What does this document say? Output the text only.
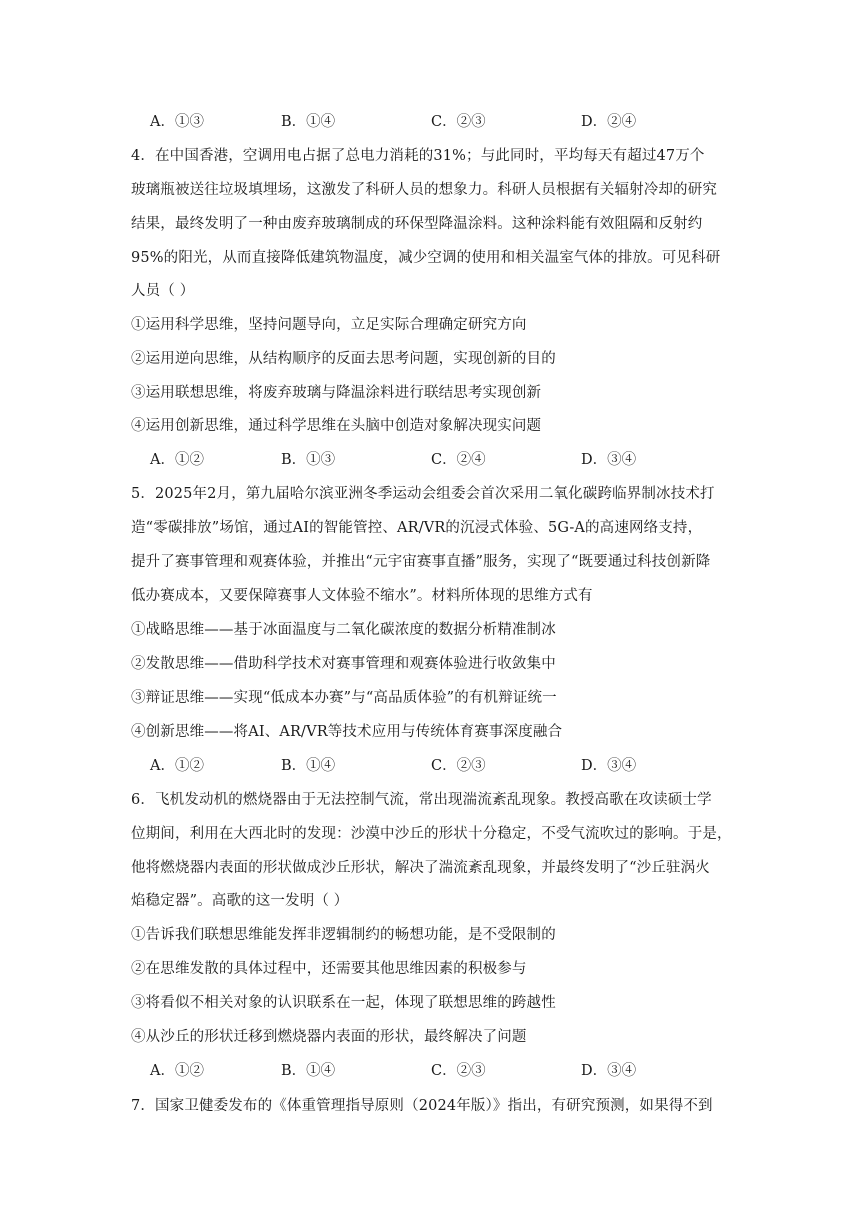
A．①③	B．①④	C．②③	D．②④
4．在中国香港，空调用电占据了总电力消耗的31%；与此同时，平均每天有超过47万个
玻璃瓶被送往垃圾填埋场，这激发了科研人员的想象力。科研人员根据有关辐射冷却的研究
结果，最终发明了一种由废弃玻璃制成的环保型降温涂料。这种涂料能有效阻隔和反射约
95%的阳光，从而直接降低建筑物温度，减少空调的使用和相关温室气体的排放。可见科研
人员（ ）
①运用科学思维，坚持问题导向，立足实际合理确定研究方向
②运用逆向思维，从结构顺序的反面去思考问题，实现创新的目的
③运用联想思维，将废弃玻璃与降温涂料进行联结思考实现创新
④运用创新思维，通过科学思维在头脑中创造对象解决现实问题
A．①②	B．①③	C．②④	D．③④
5．2025年2月，第九届哈尔滨亚洲冬季运动会组委会首次采用二氧化碳跨临界制冰技术打
造“零碳排放”场馆，通过AI的智能管控、AR/VR的沉浸式体验、5G-A的高速网络支持，
提升了赛事管理和观赛体验，并推出“元宇宙赛事直播”服务，实现了“既要通过科技创新降
低办赛成本，又要保障赛事人文体验不缩水”。材料所体现的思维方式有
①战略思维——基于冰面温度与二氧化碳浓度的数据分析精准制冰
②发散思维——借助科学技术对赛事管理和观赛体验进行收敛集中
③辩证思维——实现“低成本办赛”与“高品质体验”的有机辩证统一
④创新思维——将AI、AR/VR等技术应用与传统体育赛事深度融合
A．①②	B．①④	C．②③	D．③④
6．飞机发动机的燃烧器由于无法控制气流，常出现湍流紊乱现象。教授高歌在攻读硕士学
位期间，利用在大西北时的发现：沙漠中沙丘的形状十分稳定，不受气流吹过的影响。于是，
他将燃烧器内表面的形状做成沙丘形状，解决了湍流紊乱现象，并最终发明了“沙丘驻涡火
焰稳定器”。高歌的这一发明（ ）
①告诉我们联想思维能发挥非逻辑制约的畅想功能，是不受限制的
②在思维发散的具体过程中，还需要其他思维因素的积极参与
③将看似不相关对象的认识联系在一起，体现了联想思维的跨越性
④从沙丘的形状迁移到燃烧器内表面的形状，最终解决了问题
A．①②	B．①④	C．②③	D．③④
7．国家卫健委发布的《体重管理指导原则（2024年版）》指出，有研究预测，如果得不到
